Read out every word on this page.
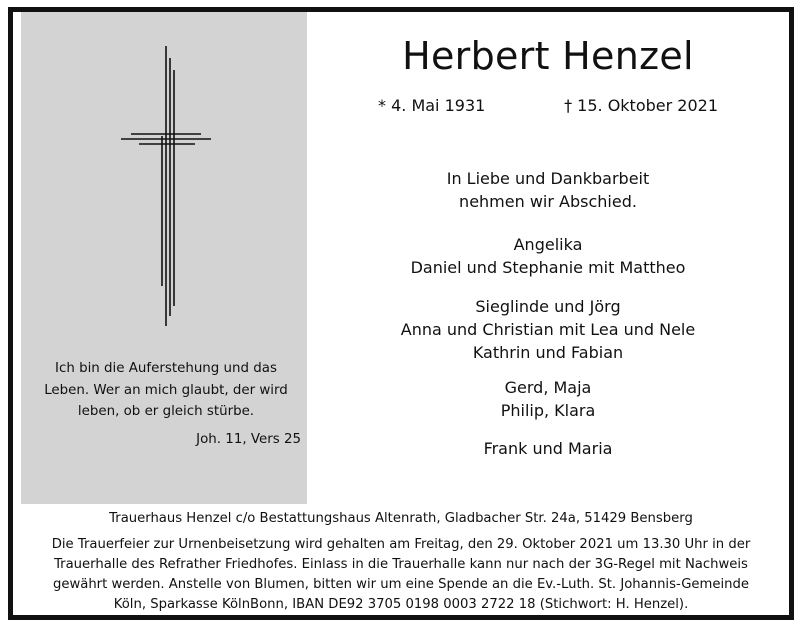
Ich bin die Auferstehung und das
Leben. Wer an mich glaubt, der wird
leben, ob er gleich stürbe.
Joh. 11, Vers 25
Herbert Henzel
* 4. Mai 1931	† 15. Oktober 2021
In Liebe und Dankbarbeit
nehmen wir Abschied.
Angelika
Daniel und Stephanie mit Mattheo
Sieglinde und Jörg
Anna und Christian mit Lea und Nele
Kathrin und Fabian
Gerd, Maja
Philip, Klara
Frank und Maria
Trauerhaus Henzel c/o Bestattungshaus Altenrath, Gladbacher Str. 24a, 51429 Bensberg
Die Trauerfeier zur Urnenbeisetzung wird gehalten am Freitag, den 29. Oktober 2021 um 13.30 Uhr in der
Trauerhalle des Refrather Friedhofes. Einlass in die Trauerhalle kann nur nach der 3G-Regel mit Nachweis
gewährt werden. Anstelle von Blumen, bitten wir um eine Spende an die Ev.-Luth. St. Johannis-Gemeinde
Köln, Sparkasse KölnBonn, IBAN DE92 3705 0198 0003 2722 18 (Stichwort: H. Henzel).
